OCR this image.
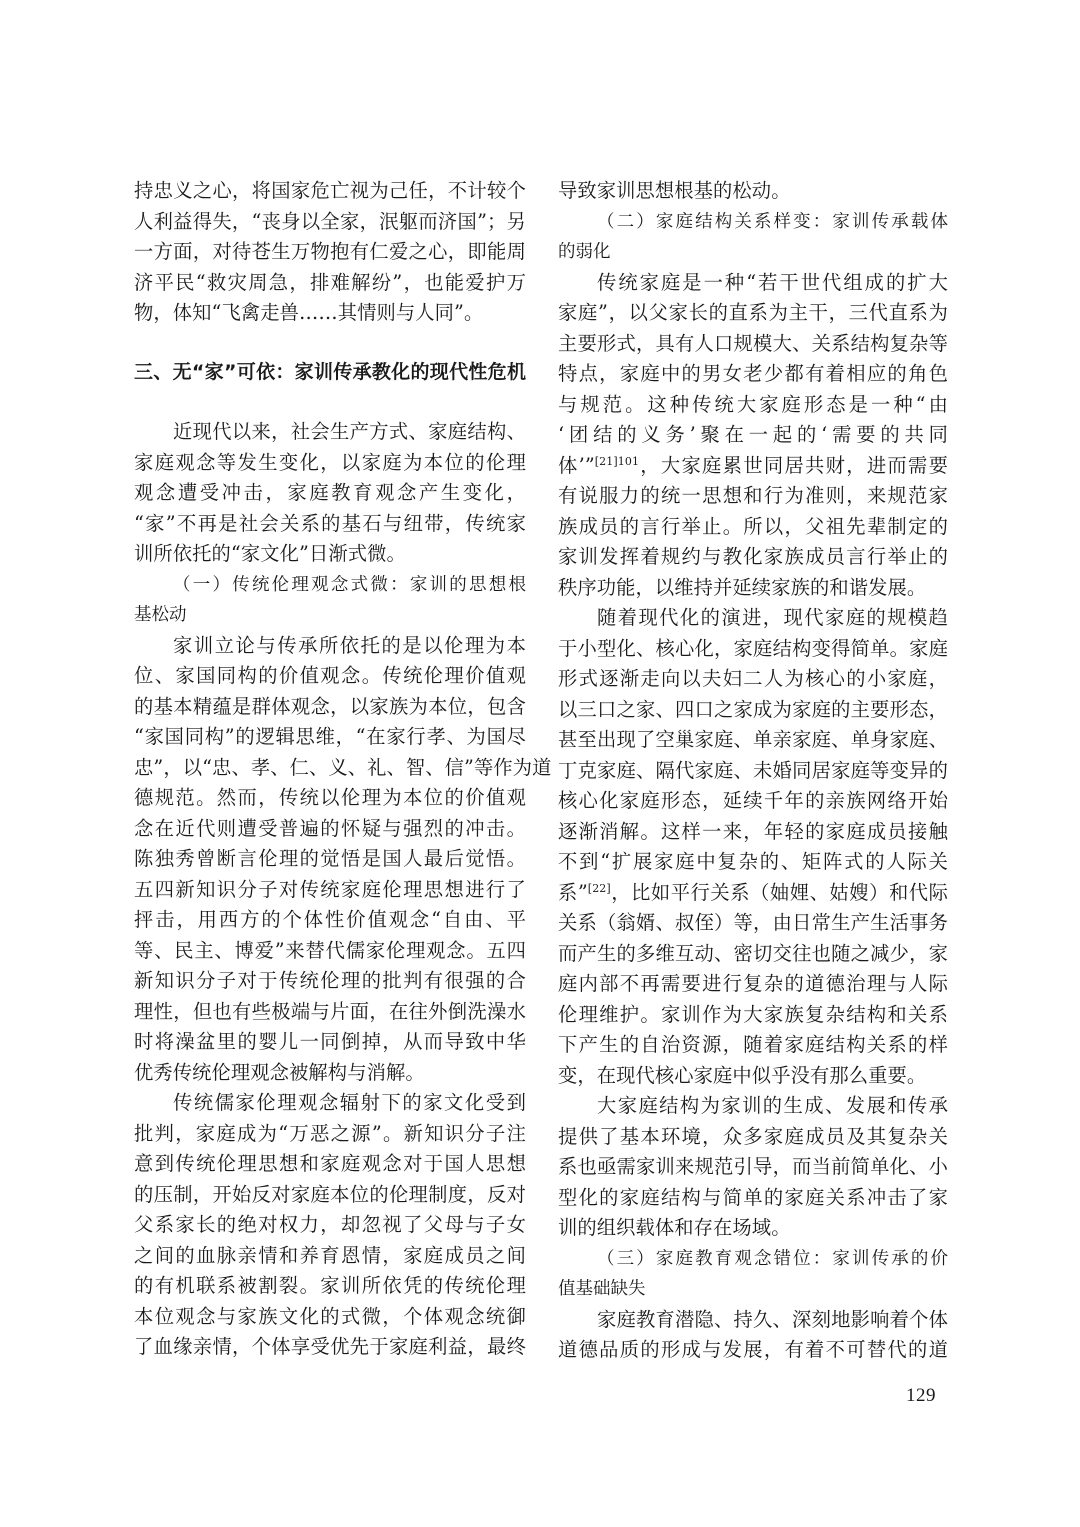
持忠义之心，将国家危亡视为己任，不计较个
人利益得失，“丧身以全家，泯躯而济国”；另
一方面，对待苍生万物抱有仁爱之心，即能周
济平民“救灾周急，排难解纷”，也能爱护万
物，体知“飞禽走兽……其情则与人同”。
三、无“家”可依：家训传承教化的现代性危机
近现代以来，社会生产方式、家庭结构、
家庭观念等发生变化，以家庭为本位的伦理
观念遭受冲击，家庭教育观念产生变化，
“家”不再是社会关系的基石与纽带，传统家
训所依托的“家文化”日渐式微。
（一）传统伦理观念式微：家训的思想根
基松动
家训立论与传承所依托的是以伦理为本
位、家国同构的价值观念。传统伦理价值观
的基本精蕴是群体观念，以家族为本位，包含
“家国同构”的逻辑思维，“在家行孝、为国尽
忠”，以“忠、孝、仁、义、礼、智、信”等作为道
德规范。然而，传统以伦理为本位的价值观
念在近代则遭受普遍的怀疑与强烈的冲击。
陈独秀曾断言伦理的觉悟是国人最后觉悟。
五四新知识分子对传统家庭伦理思想进行了
抨击，用西方的个体性价值观念“自由、平
等、民主、博爱”来替代儒家伦理观念。五四
新知识分子对于传统伦理的批判有很强的合
理性，但也有些极端与片面，在往外倒洗澡水
时将澡盆里的婴儿一同倒掉，从而导致中华
优秀传统伦理观念被解构与消解。
传统儒家伦理观念辐射下的家文化受到
批判，家庭成为“万恶之源”。新知识分子注
意到传统伦理思想和家庭观念对于国人思想
的压制，开始反对家庭本位的伦理制度，反对
父系家长的绝对权力，却忽视了父母与子女
之间的血脉亲情和养育恩情，家庭成员之间
的有机联系被割裂。家训所依凭的传统伦理
本位观念与家族文化的式微，个体观念统御
了血缘亲情，个体享受优先于家庭利益，最终
导致家训思想根基的松动。
（二）家庭结构关系样变：家训传承载体
的弱化
传统家庭是一种“若干世代组成的扩大
家庭”，以父家长的直系为主干，三代直系为
主要形式，具有人口规模大、关系结构复杂等
特点，家庭中的男女老少都有着相应的角色
与规范。这种传统大家庭形态是一种“由
‘团结的义务’聚在一起的‘需要的共同
体’”$^{[21]101}$，大家庭累世同居共财，进而需要
有说服力的统一思想和行为准则，来规范家
族成员的言行举止。所以，父祖先辈制定的
家训发挥着规约与教化家族成员言行举止的
秩序功能，以维持并延续家族的和谐发展。
随着现代化的演进，现代家庭的规模趋
于小型化、核心化，家庭结构变得简单。家庭
形式逐渐走向以夫妇二人为核心的小家庭，
以三口之家、四口之家成为家庭的主要形态，
甚至出现了空巢家庭、单亲家庭、单身家庭、
丁克家庭、隔代家庭、未婚同居家庭等变异的
核心化家庭形态，延续千年的亲族网络开始
逐渐消解。这样一来，年轻的家庭成员接触
不到“扩展家庭中复杂的、矩阵式的人际关
系”[22]，比如平行关系（妯娌、姑嫂）和代际
关系（翁婿、叔侄）等，由日常生产生活事务
而产生的多维互动、密切交往也随之减少，家
庭内部不再需要进行复杂的道德治理与人际
伦理维护。家训作为大家族复杂结构和关系
下产生的自治资源，随着家庭结构关系的样
变，在现代核心家庭中似乎没有那么重要。
大家庭结构为家训的生成、发展和传承
提供了基本环境，众多家庭成员及其复杂关
系也亟需家训来规范引导，而当前简单化、小
型化的家庭结构与简单的家庭关系冲击了家
训的组织载体和存在场域。
（三）家庭教育观念错位：家训传承的价
值基础缺失
家庭教育潜隐、持久、深刻地影响着个体
道德品质的形成与发展，有着不可替代的道
129
